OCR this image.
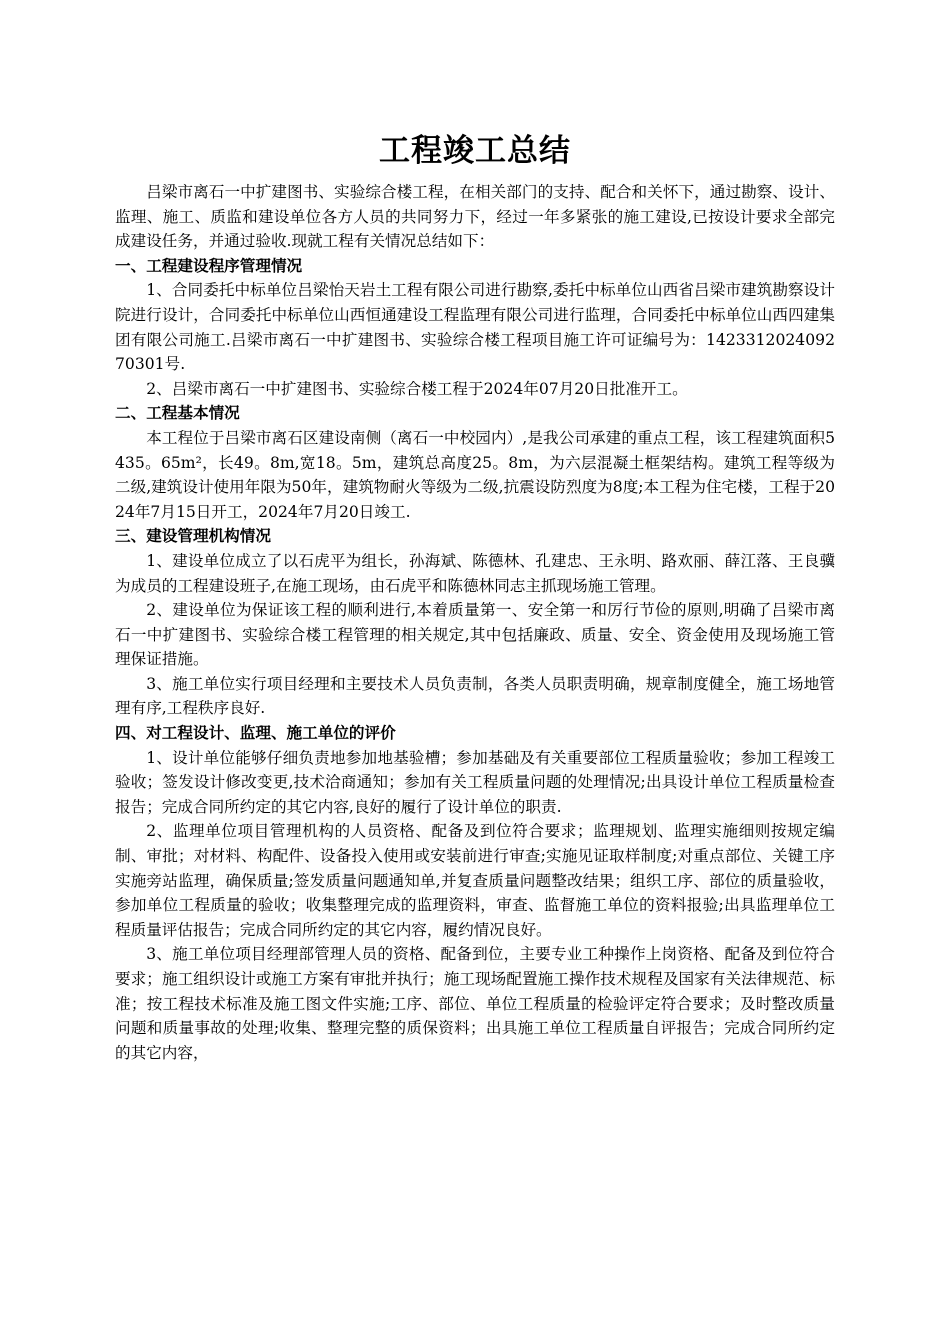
工程竣工总结

吕梁市离石一中扩建图书、实验综合楼工程，在相关部门的支持、配合和关怀下，通过勘察、设计、监理、施工、质监和建设单位各方人员的共同努力下，经过一年多紧张的施工建设,已按设计要求全部完成建设任务，并通过验收.现就工程有关情况总结如下：

一、工程建设程序管理情况

1、合同委托中标单位吕梁怡天岩土工程有限公司进行勘察,委托中标单位山西省吕梁市建筑勘察设计院进行设计，合同委托中标单位山西恒通建设工程监理有限公司进行监理，合同委托中标单位山西四建集团有限公司施工.吕梁市离石一中扩建图书、实验综合楼工程项目施工许可证编号为：142331202409270301号.

2、吕梁市离石一中扩建图书、实验综合楼工程于2024年07月20日批准开工。

二、工程基本情况

本工程位于吕梁市离石区建设南侧（离石一中校园内）,是我公司承建的重点工程，该工程建筑面积5435。65m²，长49。8m,宽18。5m，建筑总高度25。8m，为六层混凝土框架结构。建筑工程等级为二级,建筑设计使用年限为50年，建筑物耐火等级为二级,抗震设防烈度为8度;本工程为住宅楼，工程于2024年7月15日开工，2024年7月20日竣工.

三、建设管理机构情况

1、建设单位成立了以石虎平为组长，孙海斌、陈德林、孔建忠、王永明、路欢丽、薛江落、王良骥为成员的工程建设班子,在施工现场，由石虎平和陈德林同志主抓现场施工管理。

2、建设单位为保证该工程的顺利进行,本着质量第一、安全第一和厉行节俭的原则,明确了吕梁市离石一中扩建图书、实验综合楼工程管理的相关规定,其中包括廉政、质量、安全、资金使用及现场施工管理保证措施。

3、施工单位实行项目经理和主要技术人员负责制，各类人员职责明确，规章制度健全，施工场地管理有序,工程秩序良好.

四、对工程设计、监理、施工单位的评价

1、设计单位能够仔细负责地参加地基验槽；参加基础及有关重要部位工程质量验收；参加工程竣工验收；签发设计修改变更,技术洽商通知；参加有关工程质量问题的处理情况;出具设计单位工程质量检查报告；完成合同所约定的其它内容,良好的履行了设计单位的职责.

2、监理单位项目管理机构的人员资格、配备及到位符合要求；监理规划、监理实施细则按规定编制、审批；对材料、构配件、设备投入使用或安装前进行审查;实施见证取样制度;对重点部位、关键工序实施旁站监理，确保质量;签发质量问题通知单,并复查质量问题整改结果；组织工序、部位的质量验收，参加单位工程质量的验收；收集整理完成的监理资料，审查、监督施工单位的资料报验;出具监理单位工程质量评估报告；完成合同所约定的其它内容，履约情况良好。

3、施工单位项目经理部管理人员的资格、配备到位，主要专业工种操作上岗资格、配备及到位符合要求；施工组织设计或施工方案有审批并执行；施工现场配置施工操作技术规程及国家有关法律规范、标准；按工程技术标准及施工图文件实施;工序、部位、单位工程质量的检验评定符合要求；及时整改质量问题和质量事故的处理;收集、整理完整的质保资料；出具施工单位工程质量自评报告；完成合同所约定的其它内容，
